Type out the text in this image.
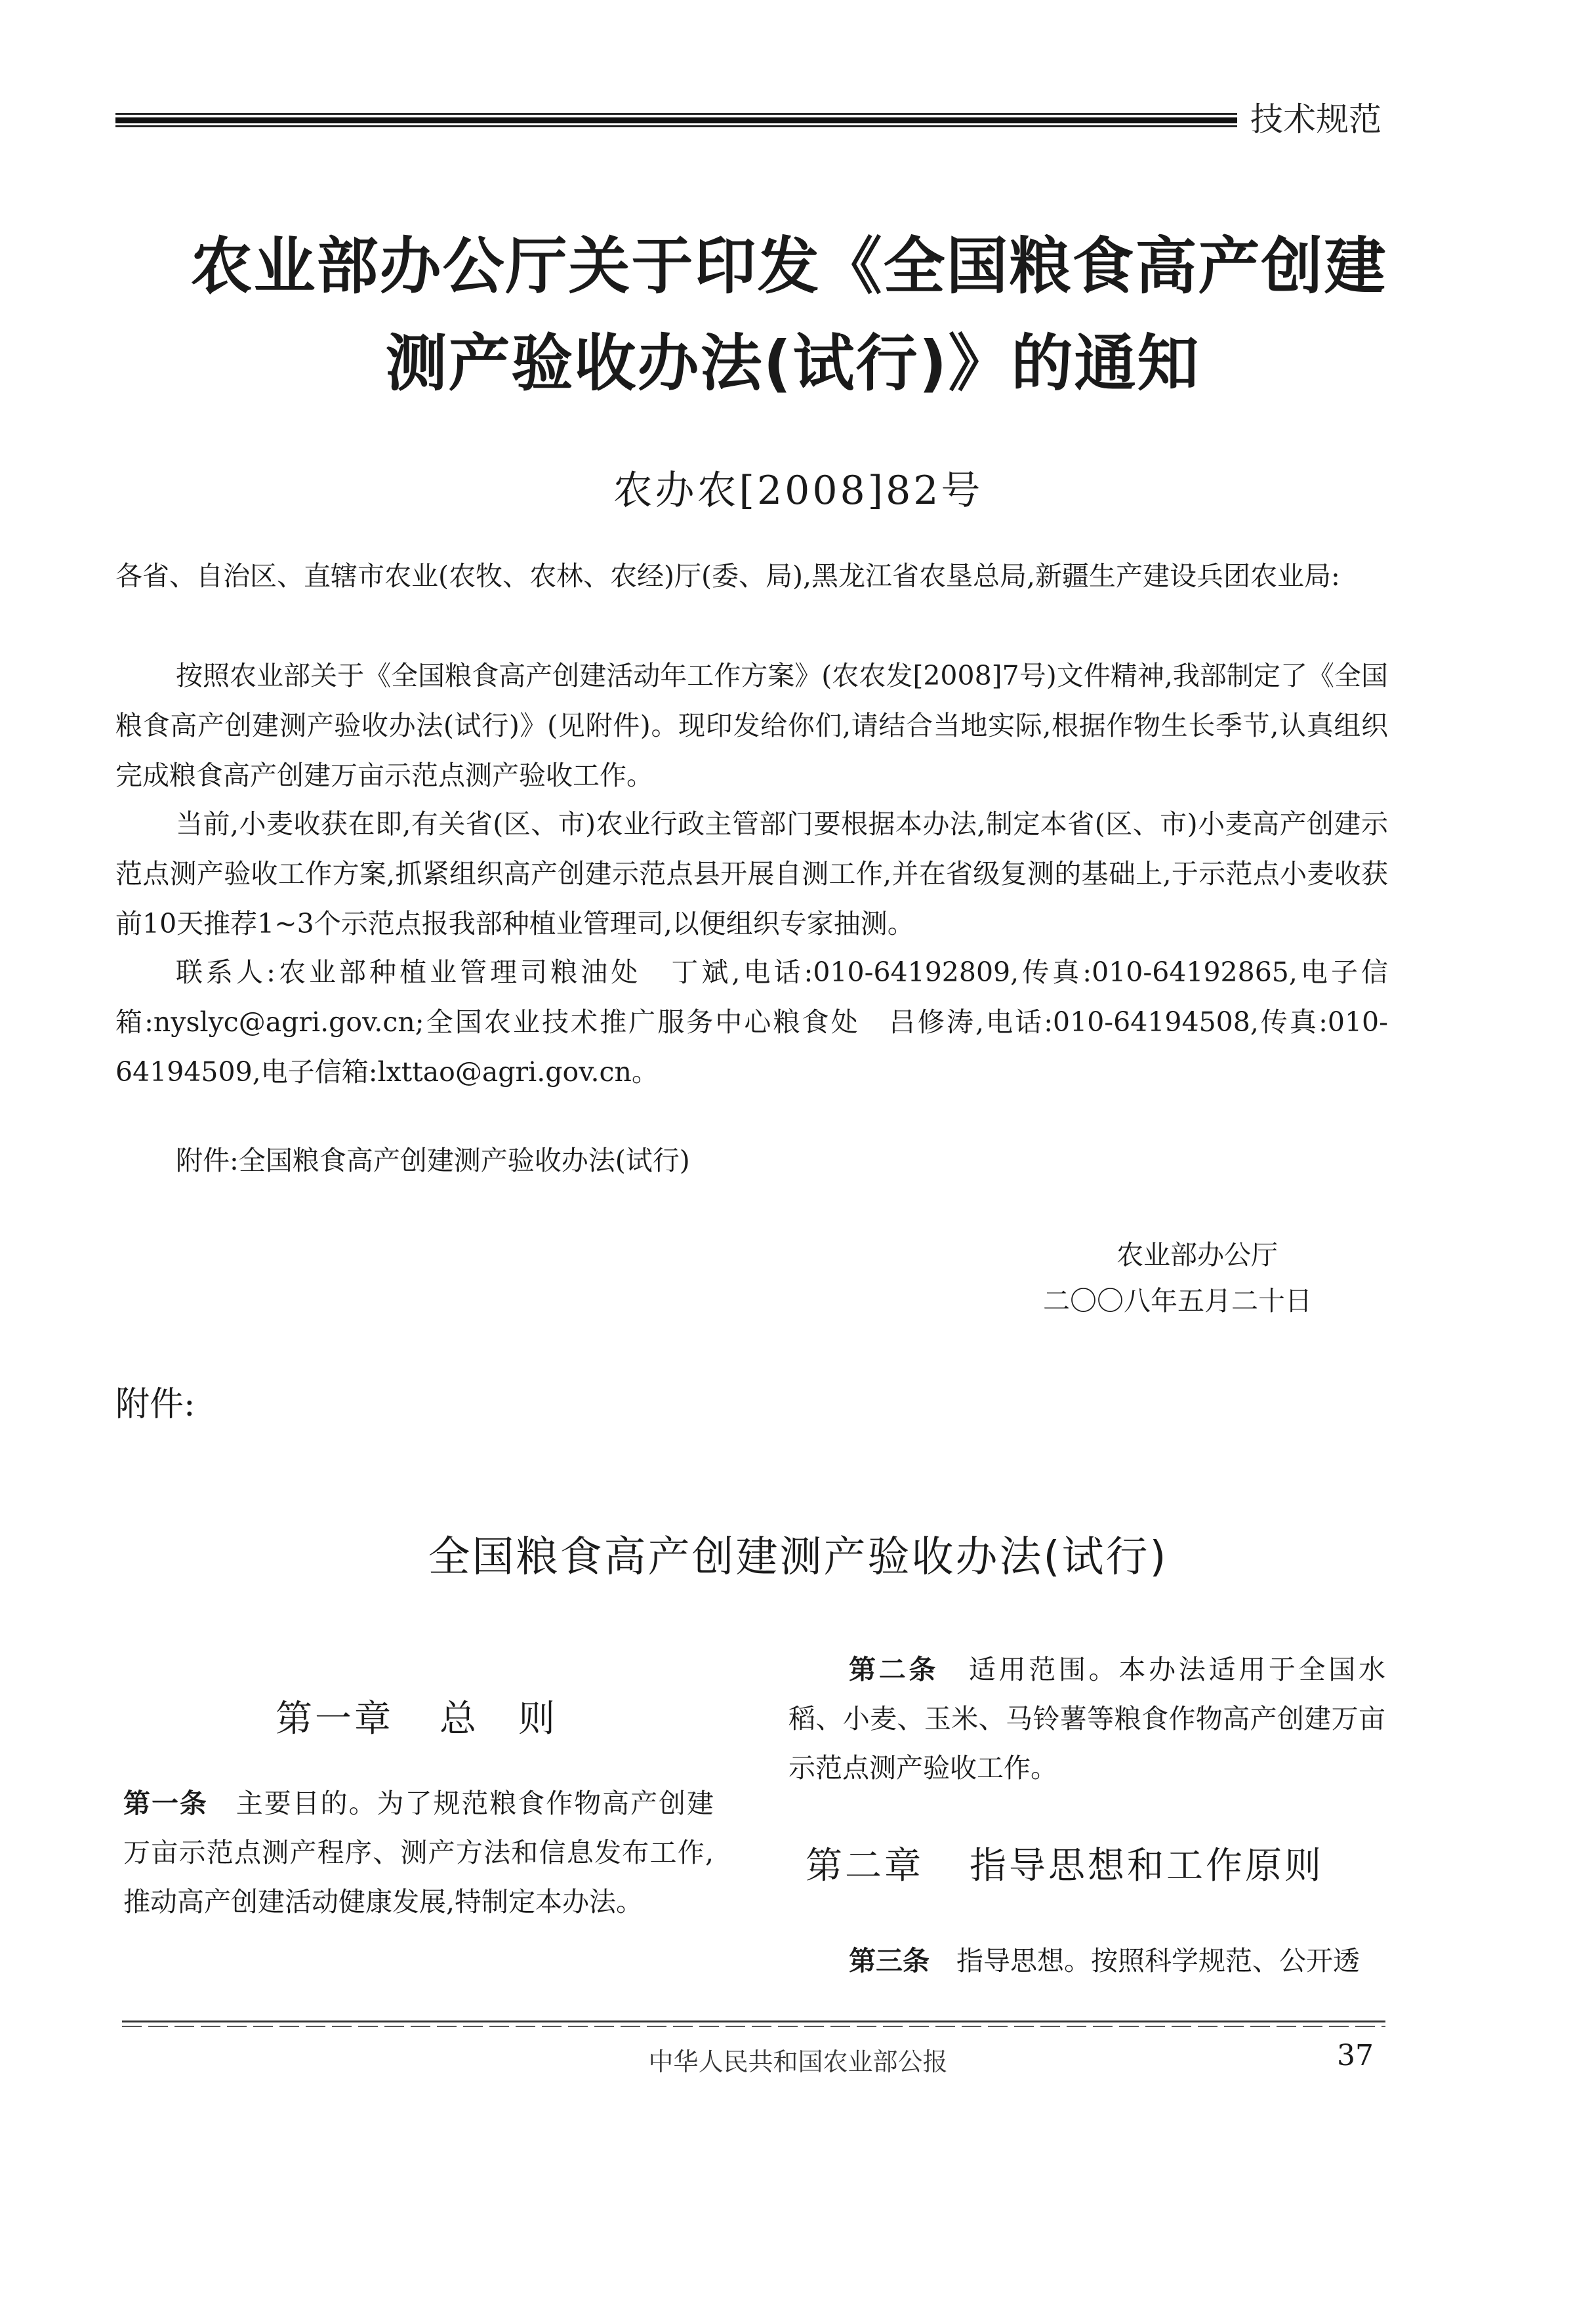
技术规范
农业部办公厅关于印发《全国粮食高产创建
测产验收办法(试行)》的通知
农办农[2008]82号

各省、自治区、直辖市农业(农牧、农林、农经)厅(委、局),黑龙江省农垦总局,新疆生产建设兵团农业局:

按照农业部关于《全国粮食高产创建活动年工作方案》(农农发[2008]7号)文件精神,我部制定了《全国粮食高产创建测产验收办法(试行)》(见附件)。现印发给你们,请结合当地实际,根据作物生长季节,认真组织完成粮食高产创建万亩示范点测产验收工作。

当前,小麦收获在即,有关省(区、市)农业行政主管部门要根据本办法,制定本省(区、市)小麦高产创建示范点测产验收工作方案,抓紧组织高产创建示范点县开展自测工作,并在省级复测的基础上,于示范点小麦收获前10天推荐1~3个示范点报我部种植业管理司,以便组织专家抽测。

联系人:农业部种植业管理司粮油处　丁斌,电话:010-64192809,传真:010-64192865,电子信箱:nyslyc@agri.gov.cn;全国农业技术推广服务中心粮食处　吕修涛,电话:010-64194508,传真:010-64194509,电子信箱:lxttao@agri.gov.cn。

附件:全国粮食高产创建测产验收办法(试行)
农业部办公厅
二〇〇八年五月二十日
附件:
全国粮食高产创建测产验收办法(试行)
第一章 总　则

第一条  主要目的。为了规范粮食作物高产创建万亩示范点测产程序、测产方法和信息发布工作,推动高产创建活动健康发展,特制定本办法。

第二条  适用范围。本办法适用于全国水稻、小麦、玉米、马铃薯等粮食作物高产创建万亩示范点测产验收工作。

第二章 指导思想和工作原则

第三条  指导思想。按照科学规范、公开透

中华人民共和国农业部公报	37
